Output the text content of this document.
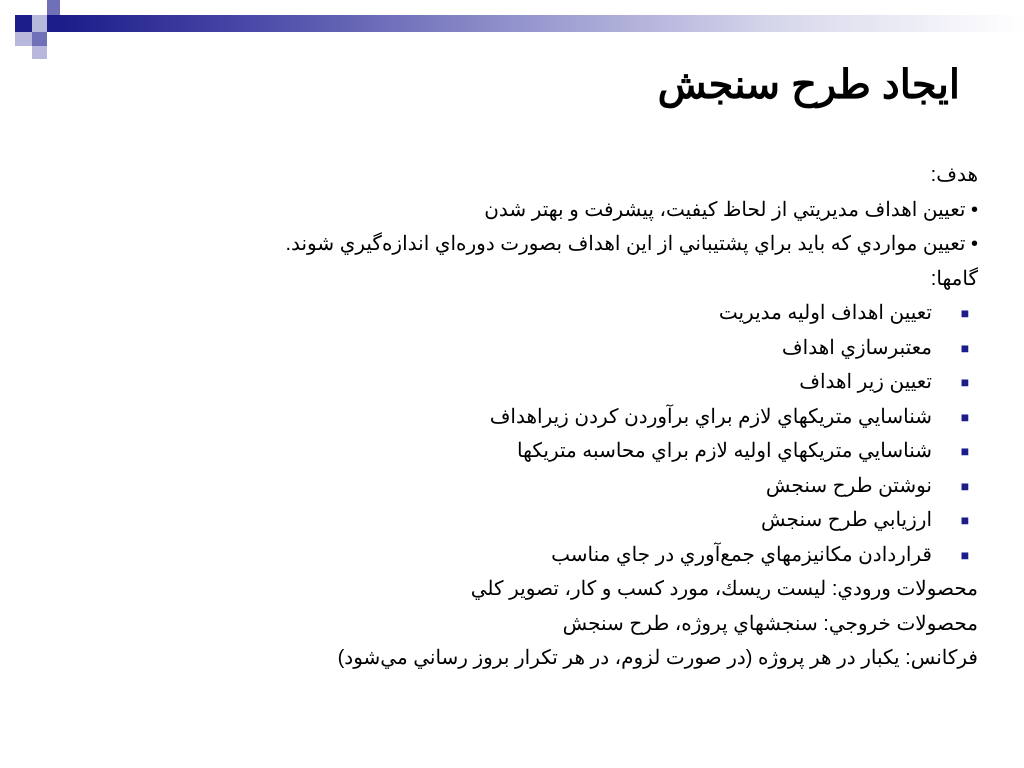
ايجاد طرح سنجش
هدف:
• تعيين اهداف مديريتي از لحاظ كيفيت، پيشرفت و بهتر شدن
• تعيين مواردي كه بايد براي پشتيباني از اين اهداف بصورت دوره‌اي اندازه‌گيري شوند.
گامها:
■
تعيين اهداف اوليه مديريت
■
معتبرسازي اهداف
■
تعيين زير اهداف
■
شناسايي متريكهاي لازم براي برآوردن كردن زيراهداف
■
شناسايي متريكهاي اوليه لازم براي محاسبه متريكها
■
نوشتن طرح سنجش
■
ارزيابي طرح سنجش
■
قراردادن مكانيزمهاي جمع‌آوري در جاي مناسب
محصولات ورودي: ليست ريسك، مورد كسب و كار، تصوير كلي
محصولات خروجي: سنجشهاي پروژه، طرح سنجش
فركانس: يكبار در هر پروژه (در صورت لزوم، در هر تكرار بروز رساني مي‌شود)
